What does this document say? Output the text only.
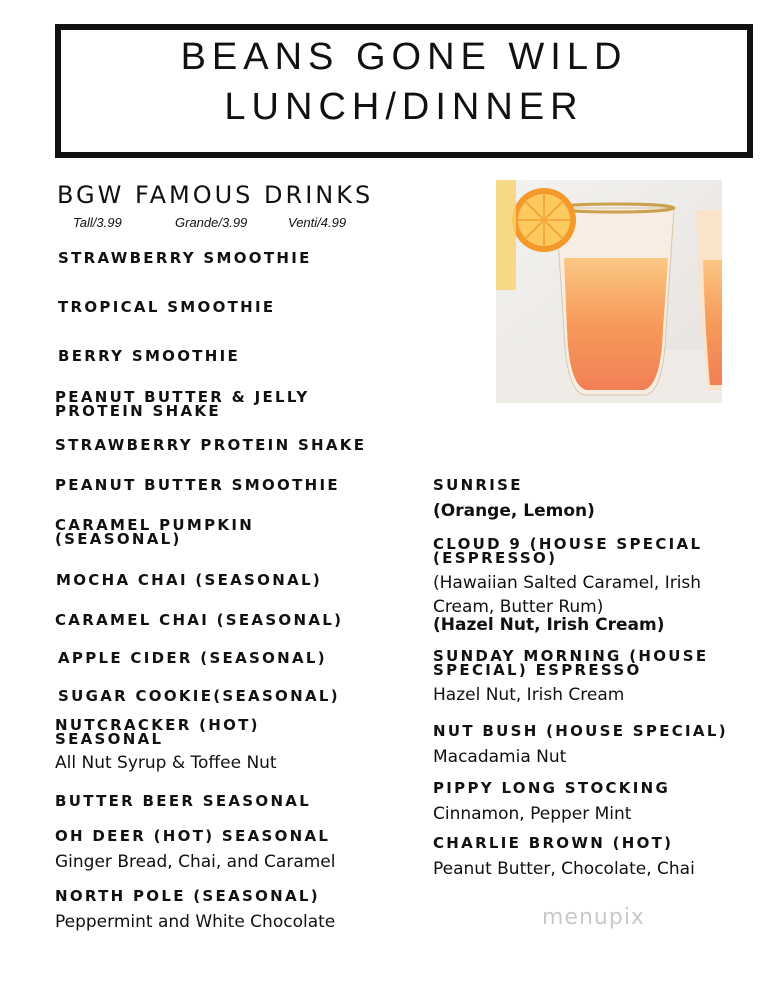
BEANS GONE WILD
LUNCH/DINNER
BGW FAMOUS DRINKS
Tall/3.99	Grande/3.99	Venti/4.99
STRAWBERRY SMOOTHIE
TROPICAL SMOOTHIE
BERRY SMOOTHIE
PEANUT BUTTER & JELLY PROTEIN SHAKE
STRAWBERRY PROTEIN SHAKE
PEANUT BUTTER SMOOTHIE
CARAMEL PUMPKIN (SEASONAL)
MOCHA CHAI (SEASONAL)
CARAMEL CHAI (SEASONAL)
APPLE CIDER (SEASONAL)
SUGAR COOKIE(SEASONAL)
NUTCRACKER (HOT) SEASONAL
All Nut Syrup & Toffee Nut
BUTTER BEER SEASONAL
OH DEER (HOT) SEASONAL
Ginger Bread, Chai, and Caramel
NORTH POLE (SEASONAL)
Peppermint and White Chocolate
SUNRISE
(Orange, Lemon)
CLOUD 9 (HOUSE SPECIAL (ESPRESSO)
(Hawaiian Salted Caramel, Irish Cream, Butter Rum)
(Hazel Nut, Irish Cream)
SUNDAY MORNING (HOUSE SPECIAL) ESPRESSO
Hazel Nut, Irish Cream
NUT BUSH (HOUSE SPECIAL)
Macadamia Nut
PIPPY LONG STOCKING
Cinnamon, Pepper Mint
CHARLIE BROWN (HOT)
Peanut Butter, Chocolate, Chai
menupix
